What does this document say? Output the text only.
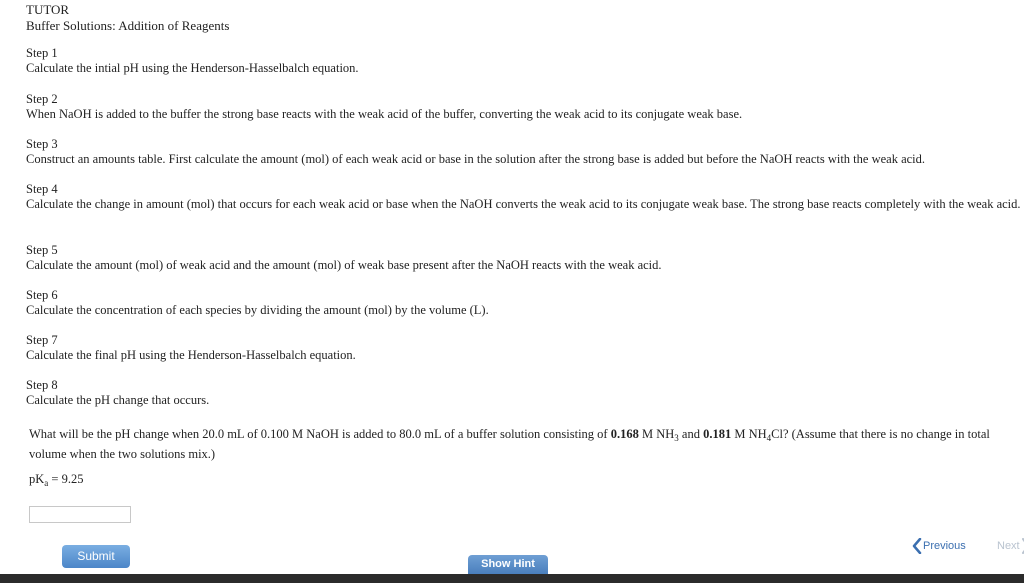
TUTOR
Buffer Solutions: Addition of Reagents
Step 1
Calculate the intial pH using the Henderson-Hasselbalch equation.
Step 2
When NaOH is added to the buffer the strong base reacts with the weak acid of the buffer, converting the weak acid to its conjugate weak base.
Step 3
Construct an amounts table. First calculate the amount (mol) of each weak acid or base in the solution after the strong base is added but before the NaOH reacts with the weak acid.
Step 4
Calculate the change in amount (mol) that occurs for each weak acid or base when the NaOH converts the weak acid to its conjugate weak base. The strong base reacts completely with the weak acid.
Step 5
Calculate the amount (mol) of weak acid and the amount (mol) of weak base present after the NaOH reacts with the weak acid.
Step 6
Calculate the concentration of each species by dividing the amount (mol) by the volume (L).
Step 7
Calculate the final pH using the Henderson-Hasselbalch equation.
Step 8
Calculate the pH change that occurs.
What will be the pH change when 20.0 mL of 0.100 M NaOH is added to 80.0 mL of a buffer solution consisting of 0.168 M $NH_3$ and 0.181 M $NH_4Cl$? (Assume that there is no change in total volume when the two solutions mix.)
$pK_a = 9.25$
Submit
Previous	Next
Show Hint
